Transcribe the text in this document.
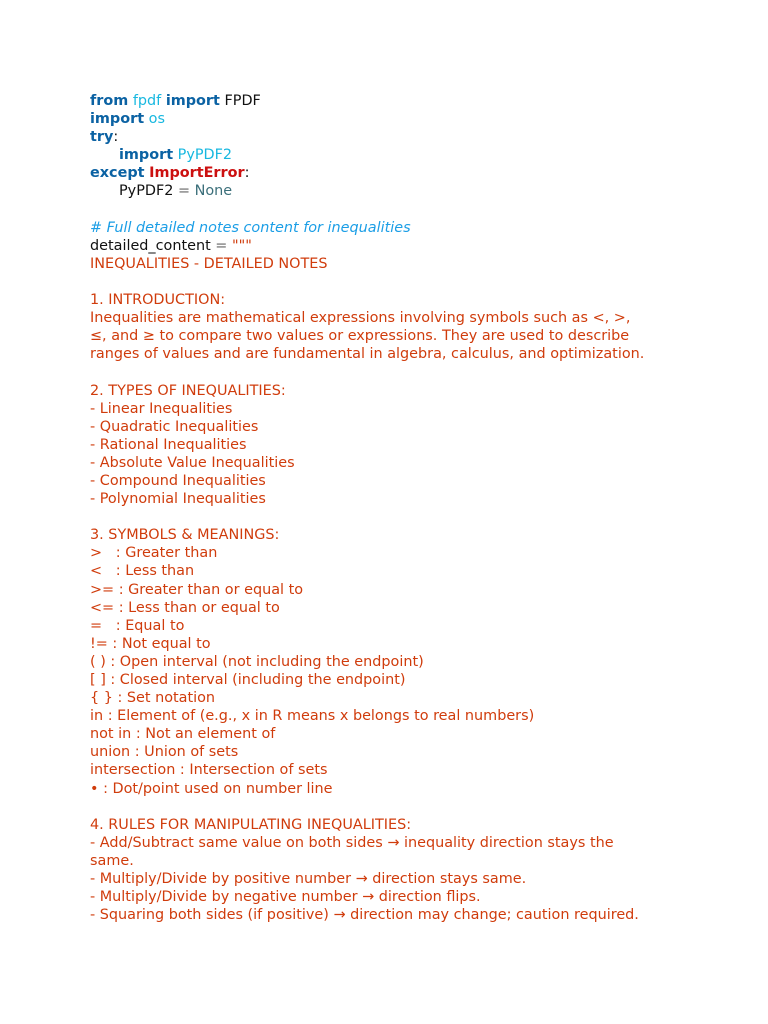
from fpdf import FPDF
import os
try:
import PyPDF2
except ImportError:
PyPDF2 = None
# Full detailed notes content for inequalities
detailed_content = """
INEQUALITIES - DETAILED NOTES
1. INTRODUCTION:
Inequalities are mathematical expressions involving symbols such as <, >,
≤, and ≥ to compare two values or expressions. They are used to describe
ranges of values and are fundamental in algebra, calculus, and optimization.
2. TYPES OF INEQUALITIES:
- Linear Inequalities
- Quadratic Inequalities
- Rational Inequalities
- Absolute Value Inequalities
- Compound Inequalities
- Polynomial Inequalities
3. SYMBOLS & MEANINGS:
>   : Greater than
<   : Less than
>= : Greater than or equal to
<= : Less than or equal to
=   : Equal to
!= : Not equal to
( ) : Open interval (not including the endpoint)
[ ] : Closed interval (including the endpoint)
{ } : Set notation
in : Element of (e.g., x in R means x belongs to real numbers)
not in : Not an element of
union : Union of sets
intersection : Intersection of sets
• : Dot/point used on number line
4. RULES FOR MANIPULATING INEQUALITIES:
- Add/Subtract same value on both sides → inequality direction stays the
same.
- Multiply/Divide by positive number → direction stays same.
- Multiply/Divide by negative number → direction flips.
- Squaring both sides (if positive) → direction may change; caution required.
